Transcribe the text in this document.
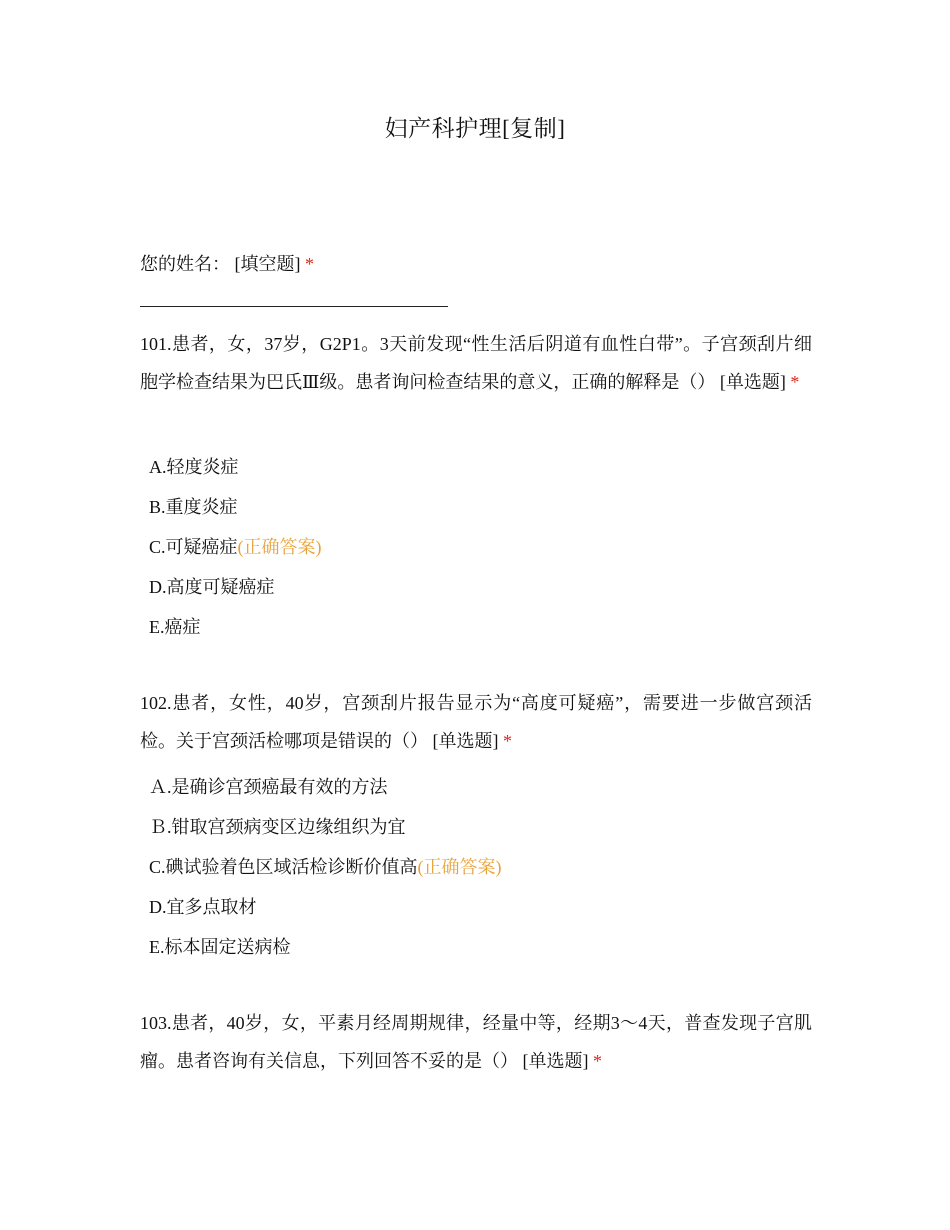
妇产科护理[复制]
您的姓名： [填空题] *
101.患者，女，37岁，G2P1。3天前发现“性生活后阴道有血性白带”。子宫颈刮片细胞学检查结果为巴氏Ⅲ级。患者询问检查结果的意义，正确的解释是（） [单选题] *
A.轻度炎症
B.重度炎症
C.可疑癌症(正确答案)
D.高度可疑癌症
E.癌症
102.患者，女性，40岁，宫颈刮片报告显示为“高度可疑癌”，需要进一步做宫颈活检。关于宫颈活检哪项是错误的（） [单选题] *
Ａ.是确诊宫颈癌最有效的方法
Ｂ.钳取宫颈病变区边缘组织为宜
C.碘试验着色区域活检诊断价值高(正确答案)
D.宜多点取材
E.标本固定送病检
103.患者，40岁，女，平素月经周期规律，经量中等，经期3～4天，普查发现子宫肌瘤。患者咨询有关信息，下列回答不妥的是（） [单选题] *
